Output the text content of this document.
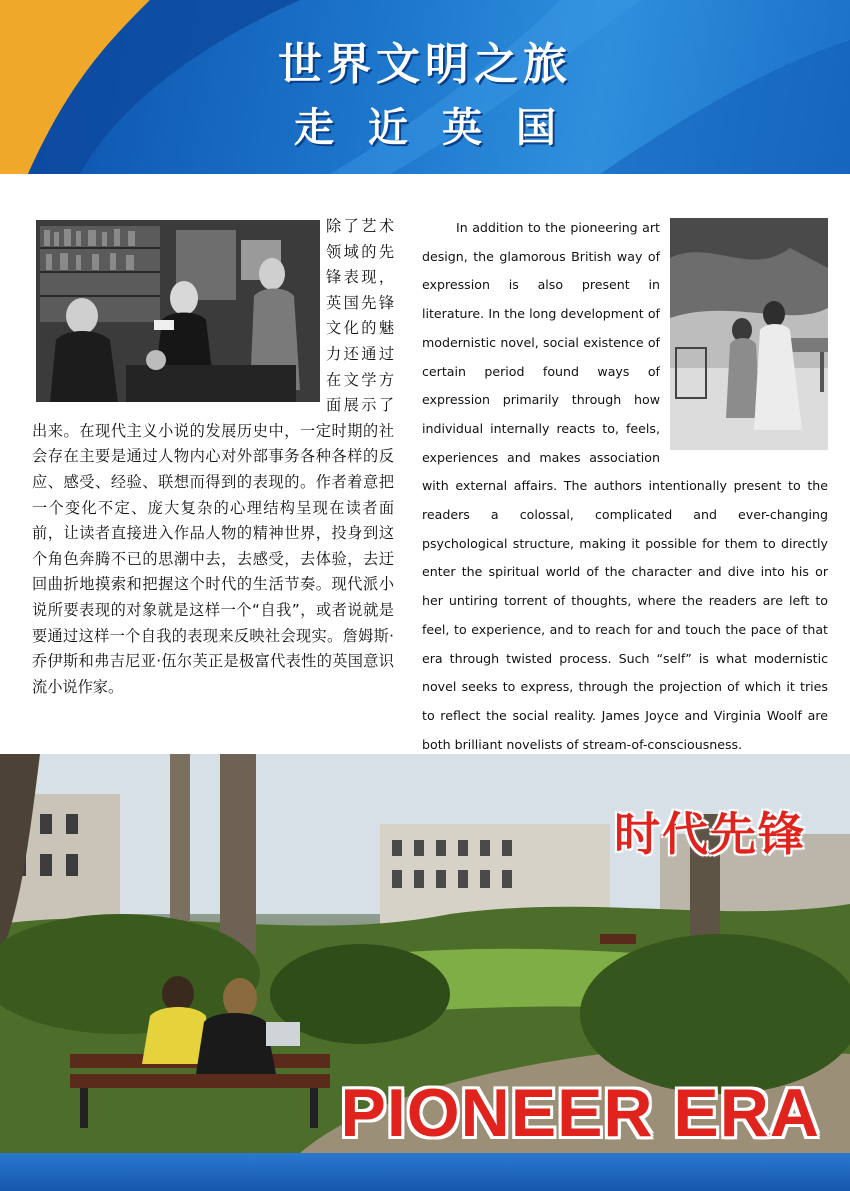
世界文明之旅
走近英国
除了艺术领域的先锋表现，英国先锋文化的魅力还通过在文学方面展示了出来。在现代主义小说的发展历史中，一定时期的社会存在主要是通过人物内心对外部事务各种各样的反应、感受、经验、联想而得到的表现的。作者着意把一个变化不定、庞大复杂的心理结构呈现在读者面前，让读者直接进入作品人物的精神世界，投身到这个角色奔腾不已的思潮中去，去感受，去体验，去迂回曲折地摸索和把握这个时代的生活节奏。现代派小说所要表现的对象就是这样一个“自我”，或者说就是要通过这样一个自我的表现来反映社会现实。詹姆斯·乔伊斯和弗吉尼亚·伍尔芙正是极富代表性的英国意识流小说作家。
In addition to the pioneering art design, the glamorous British way of expression is also present in literature. In the long development of modernistic novel, social existence of certain period found ways of expression primarily through how individual internally reacts to, feels, experiences and makes association with external affairs. The authors intentionally present to the readers a colossal, complicated and ever-changing psychological structure, making it possible for them to directly enter the spiritual world of the character and dive into his or her untiring torrent of thoughts, where the readers are left to feel, to experience, and to reach for and touch the pace of that era through twisted process. Such “self” is what modernistic novel seeks to express, through the projection of which it tries to reflect the social reality. James Joyce and Virginia Woolf are both brilliant novelists of stream-of-consciousness.
时代先锋
PIONEER ERA
